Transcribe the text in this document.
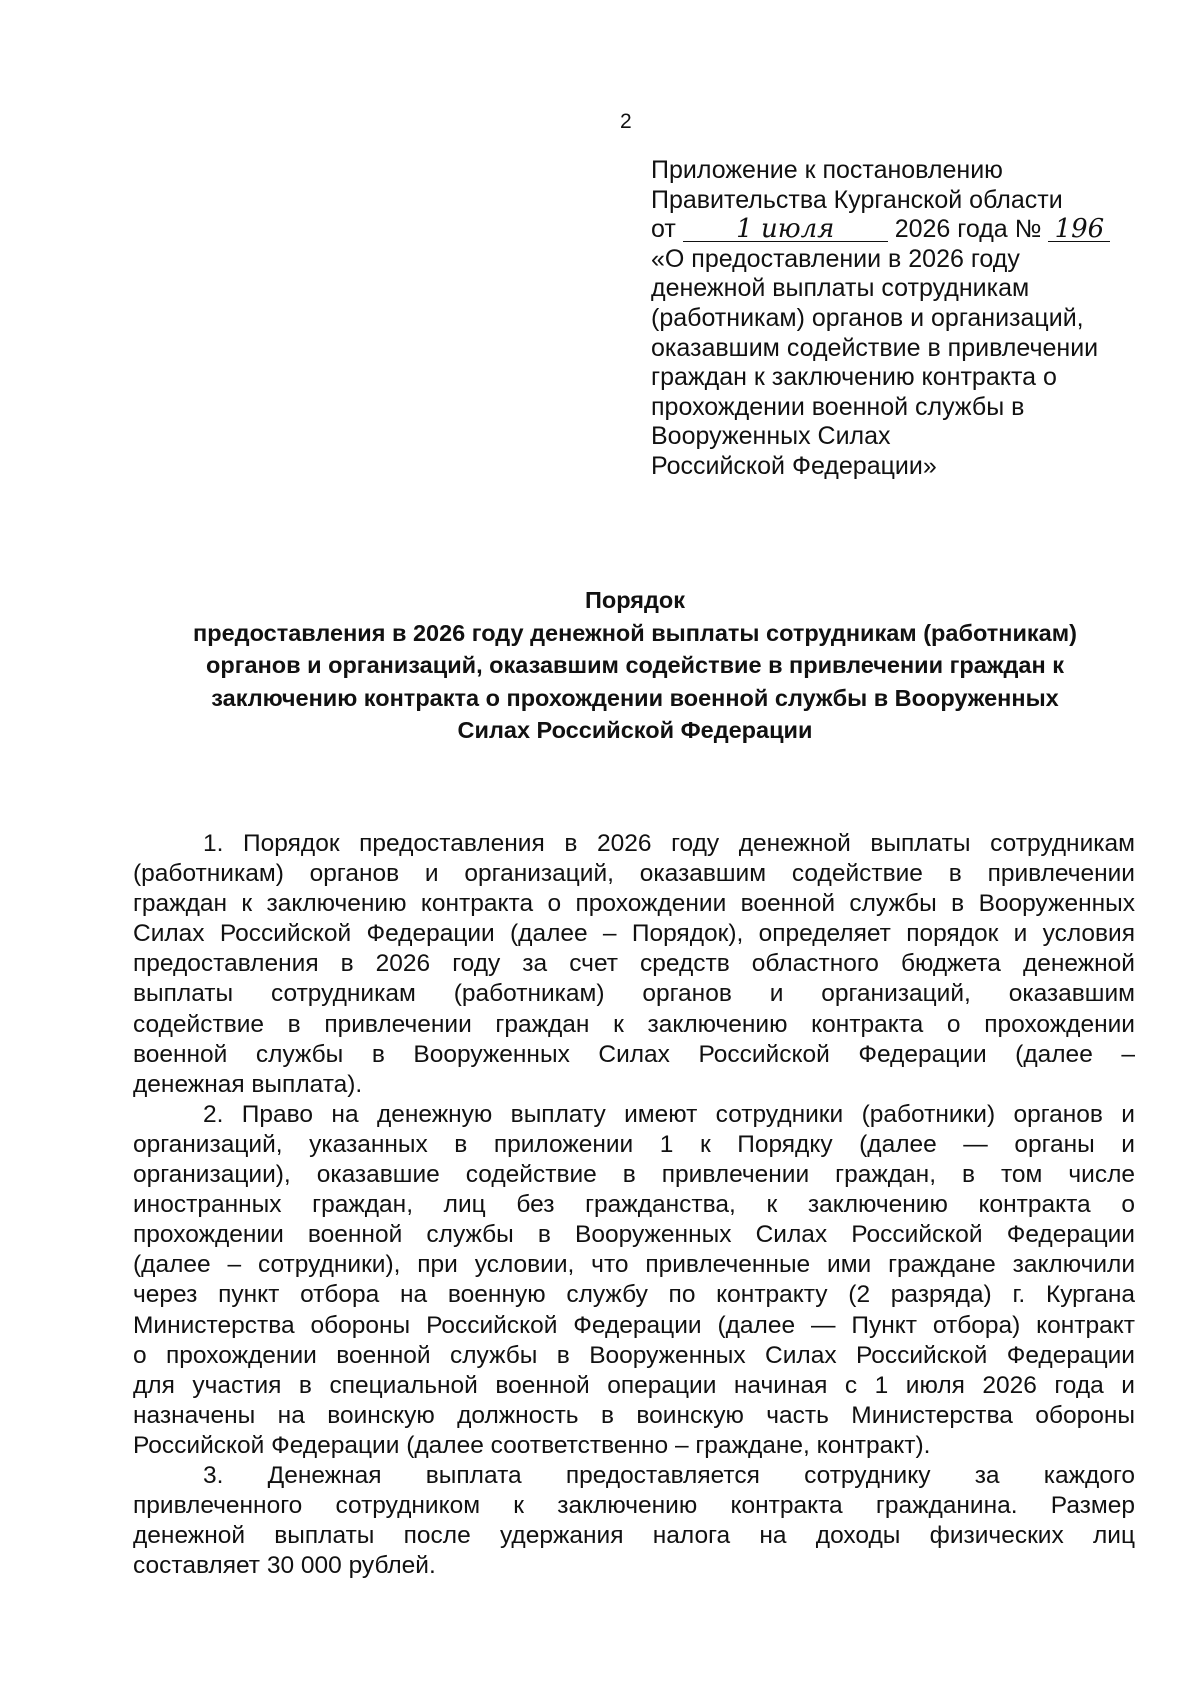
2
Приложение к постановлению
Правительства Курганской области
от 1 июля 2026 года № 196
«О предоставлении в 2026 году
денежной выплаты сотрудникам
(работникам) органов и организаций,
оказавшим содействие в привлечении
граждан к заключению контракта о
прохождении военной службы в
Вооруженных Силах
Российской Федерации»
Порядок
предоставления в 2026 году денежной выплаты сотрудникам (работникам)
органов и организаций, оказавшим содействие в привлечении граждан к
заключению контракта о прохождении военной службы в Вооруженных
Силах Российской Федерации

1. Порядок предоставления в 2026 году денежной выплаты сотрудникам
(работникам) органов и организаций, оказавшим содействие в привлечении
граждан к заключению контракта о прохождении военной службы в Вооруженных
Силах Российской Федерации (далее – Порядок), определяет порядок и условия
предоставления в 2026 году за счет средств областного бюджета денежной
выплаты сотрудникам (работникам) органов и организаций, оказавшим
содействие в привлечении граждан к заключению контракта о прохождении
военной службы в Вооруженных Силах Российской Федерации (далее –
денежная выплата).

2. Право на денежную выплату имеют сотрудники (работники) органов и
организаций, указанных в приложении 1 к Порядку (далее — органы и
организации), оказавшие содействие в привлечении граждан, в том числе
иностранных граждан, лиц без гражданства, к заключению контракта о
прохождении военной службы в Вооруженных Силах Российской Федерации
(далее – сотрудники), при условии, что привлеченные ими граждане заключили
через пункт отбора на военную службу по контракту (2 разряда) г. Кургана
Министерства обороны Российской Федерации (далее — Пункт отбора) контракт
о прохождении военной службы в Вооруженных Силах Российской Федерации
для участия в специальной военной операции начиная с 1 июля 2026 года и
назначены на воинскую должность в воинскую часть Министерства обороны
Российской Федерации (далее соответственно – граждане, контракт).

3. Денежная выплата предоставляется сотруднику за каждого
привлеченного сотрудником к заключению контракта гражданина. Размер
денежной выплаты после удержания налога на доходы физических лиц
составляет 30 000 рублей.
